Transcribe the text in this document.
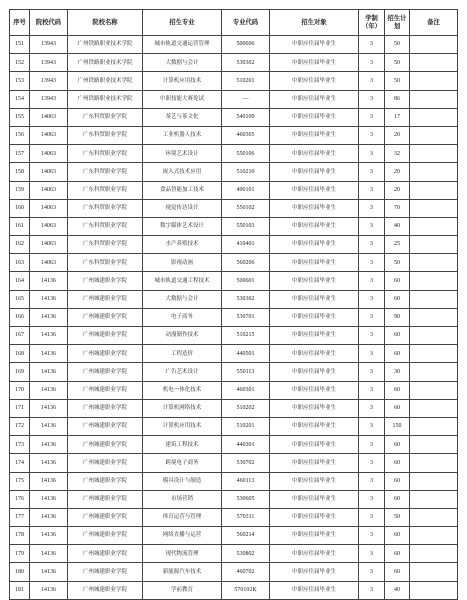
序号	院校代码	院校名称	招生专业	专业代码	招生对象	学制（年）	招生计划	备注
151	13943	广州铁路职业技术学院	城市轨道交通运营管理	500606	中职应往届毕业生	3	50	
152	13943	广州铁路职业技术学院	大数据与会计	530302	中职应往届毕业生	3	50	
153	13943	广州铁路职业技术学院	计算机应用技术	510201	中职应往届毕业生	3	50	
154	13943	广州铁路职业技术学院	中职技能大赛免试	—	中职应往届毕业生	3	86	
155	14063	广东科贸职业学院	茶艺与茶文化	540109	中职应往届毕业生	3	17	
156	14063	广东科贸职业学院	工业机器人技术	460305	中职应往届毕业生	3	20	
157	14063	广东科贸职业学院	环境艺术设计	550106	中职应往届毕业生	3	32	
158	14063	广东科贸职业学院	嵌入式技术应用	510210	中职应往届毕业生	3	20	
159	14063	广东科贸职业学院	食品智能加工技术	490101	中职应往届毕业生	3	20	
160	14063	广东科贸职业学院	视觉传达设计	550102	中职应往届毕业生	3	70	
161	14063	广东科贸职业学院	数字媒体艺术设计	550103	中职应往届毕业生	3	40	
162	14063	广东科贸职业学院	水产养殖技术	410401	中职应往届毕业生	3	25	
163	14063	广东科贸职业学院	影视动画	560206	中职应往届毕业生	3	50	
164	14136	广州城建职业学院	城市轨道交通工程技术	500601	中职应往届毕业生	3	60	
165	14136	广州城建职业学院	大数据与会计	530302	中职应往届毕业生	3	60	
166	14136	广州城建职业学院	电子商务	530701	中职应往届毕业生	3	90	
167	14136	广州城建职业学院	动漫制作技术	510215	中职应往届毕业生	3	60	
168	14136	广州城建职业学院	工程造价	440501	中职应往届毕业生	3	60	
169	14136	广州城建职业学院	广告艺术设计	550113	中职应往届毕业生	3	30	
170	14136	广州城建职业学院	机电一体化技术	460301	中职应往届毕业生	3	60	
171	14136	广州城建职业学院	计算机网络技术	510202	中职应往届毕业生	3	60	
172	14136	广州城建职业学院	计算机应用技术	510201	中职应往届毕业生	3	150	
173	14136	广州城建职业学院	建筑工程技术	440301	中职应往届毕业生	3	60	
174	14136	广州城建职业学院	跨境电子商务	530702	中职应往届毕业生	3	60	
175	14136	广州城建职业学院	模具设计与制造	460113	中职应往届毕业生	3	60	
176	14136	广州城建职业学院	市场营销	530605	中职应往届毕业生	3	60	
177	14136	广州城建职业学院	体育运营与管理	570311	中职应往届毕业生	3	50	
178	14136	广州城建职业学院	网络直播与运营	560214	中职应往届毕业生	3	60	
179	14136	广州城建职业学院	现代物流管理	530802	中职应往届毕业生	3	60	
180	14136	广州城建职业学院	新能源汽车技术	460702	中职应往届毕业生	3	60	
181	14136	广州城建职业学院	学前教育	570102K	中职应往届毕业生	3	40	
